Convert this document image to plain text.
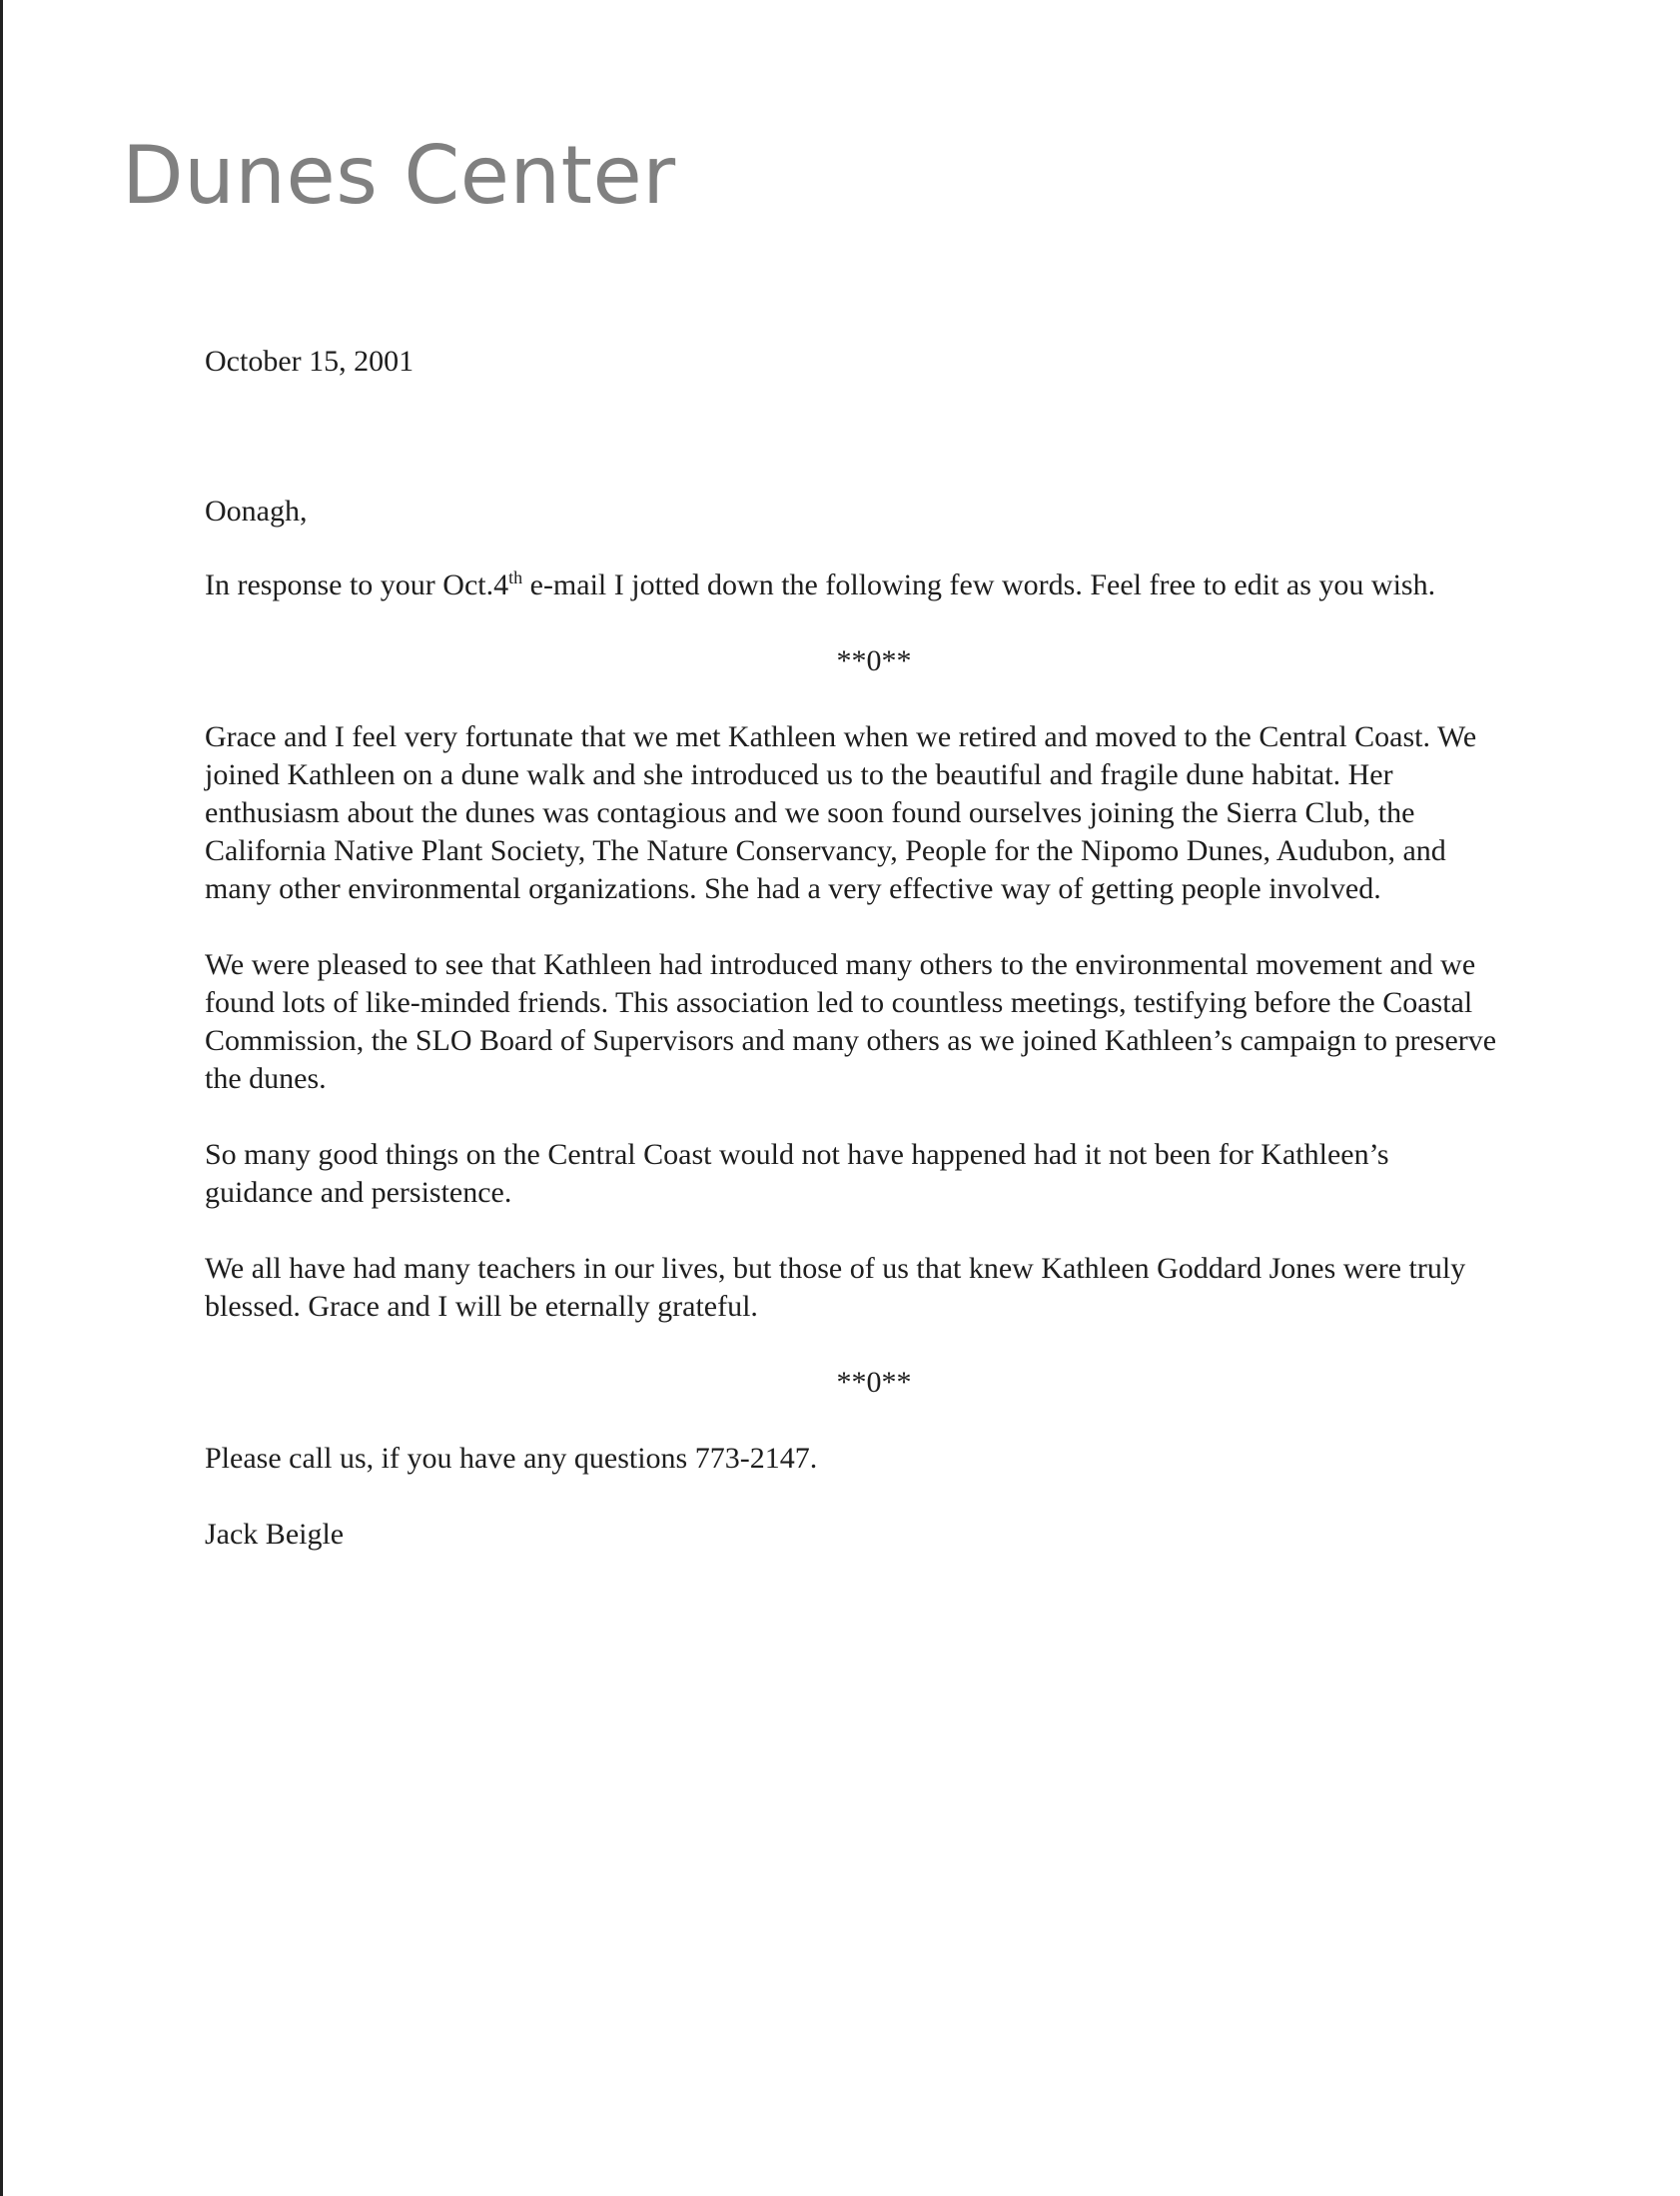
Dunes Center

October 15, 2001

Oonagh,

In response to your Oct.4th e-mail I jotted down the following few words. Feel free to edit as you wish.

**0**

Grace and I feel very fortunate that we met Kathleen when we retired and moved to the Central Coast. We joined Kathleen on a dune walk and she introduced us to the beautiful and fragile dune habitat. Her enthusiasm about the dunes was contagious and we soon found ourselves joining the Sierra Club, the California Native Plant Society, The Nature Conservancy, People for the Nipomo Dunes, Audubon, and many other environmental organizations. She had a very effective way of getting people involved.

We were pleased to see that Kathleen had introduced many others to the environmental movement and we found lots of like-minded friends. This association led to countless meetings, testifying before the Coastal Commission, the SLO Board of Supervisors and many others as we joined Kathleen’s campaign to preserve the dunes.

So many good things on the Central Coast would not have happened had it not been for Kathleen’s guidance and persistence.

We all have had many teachers in our lives, but those of us that knew Kathleen Goddard Jones were truly blessed. Grace and I will be eternally grateful.

**0**

Please call us, if you have any questions 773-2147.

Jack Beigle
